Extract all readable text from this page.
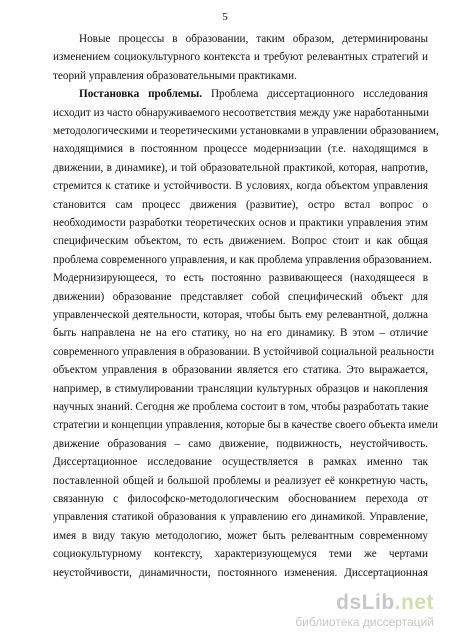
5
Новые процессы в образовании, таким образом, детерминированы
изменением социокультурного контекста и требуют релевантных стратегий и
теорий управления образовательными практиками.
Постановка проблемы. Проблема диссертационного исследования
исходит из часто обнаруживаемого несоответствия между уже наработанными
методологическими и теоретическими установками в управлении образованием,
находящимися в постоянном процессе модернизации (т.е. находящимся в
движении, в динамике), и той образовательной практикой, которая, напротив,
стремится к статике и устойчивости. В условиях, когда объектом управления
становится сам процесс движения (развитие), остро встал вопрос о
необходимости разработки теоретических основ и практики управления этим
специфическим объектом, то есть движением. Вопрос стоит и как общая
проблема современного управления, и как проблема управления образованием.
Модернизирующееся, то есть постоянно развивающееся (находящееся в
движении) образование представляет собой специфический объект для
управленческой деятельности, которая, чтобы быть ему релевантной, должна
быть направлена не на его статику, но на его динамику. В этом – отличие
современного управления в образовании. В устойчивой социальной реальности
объектом управления в образовании является его статика. Это выражается,
например, в стимулировании трансляции культурных образцов и накопления
научных знаний. Сегодня же проблема состоит в том, чтобы разработать такие
стратегии и концепции управления, которые бы в качестве своего объекта имели
движение образования – само движение, подвижность, неустойчивость.
Диссертационное исследование осуществляется в рамках именно так
поставленной общей и большой проблемы и реализует её конкретную часть,
связанную с философско-методологическим обоснованием перехода от
управления статикой образования к управлению его динамикой. Управление,
имея в виду такую методологию, может быть релевантным современному
социокультурному контексту, характеризующемуся теми же чертами
неустойчивости, динамичности, постоянного изменения. Диссертационная
dsLib.net
библиотека диссертаций
